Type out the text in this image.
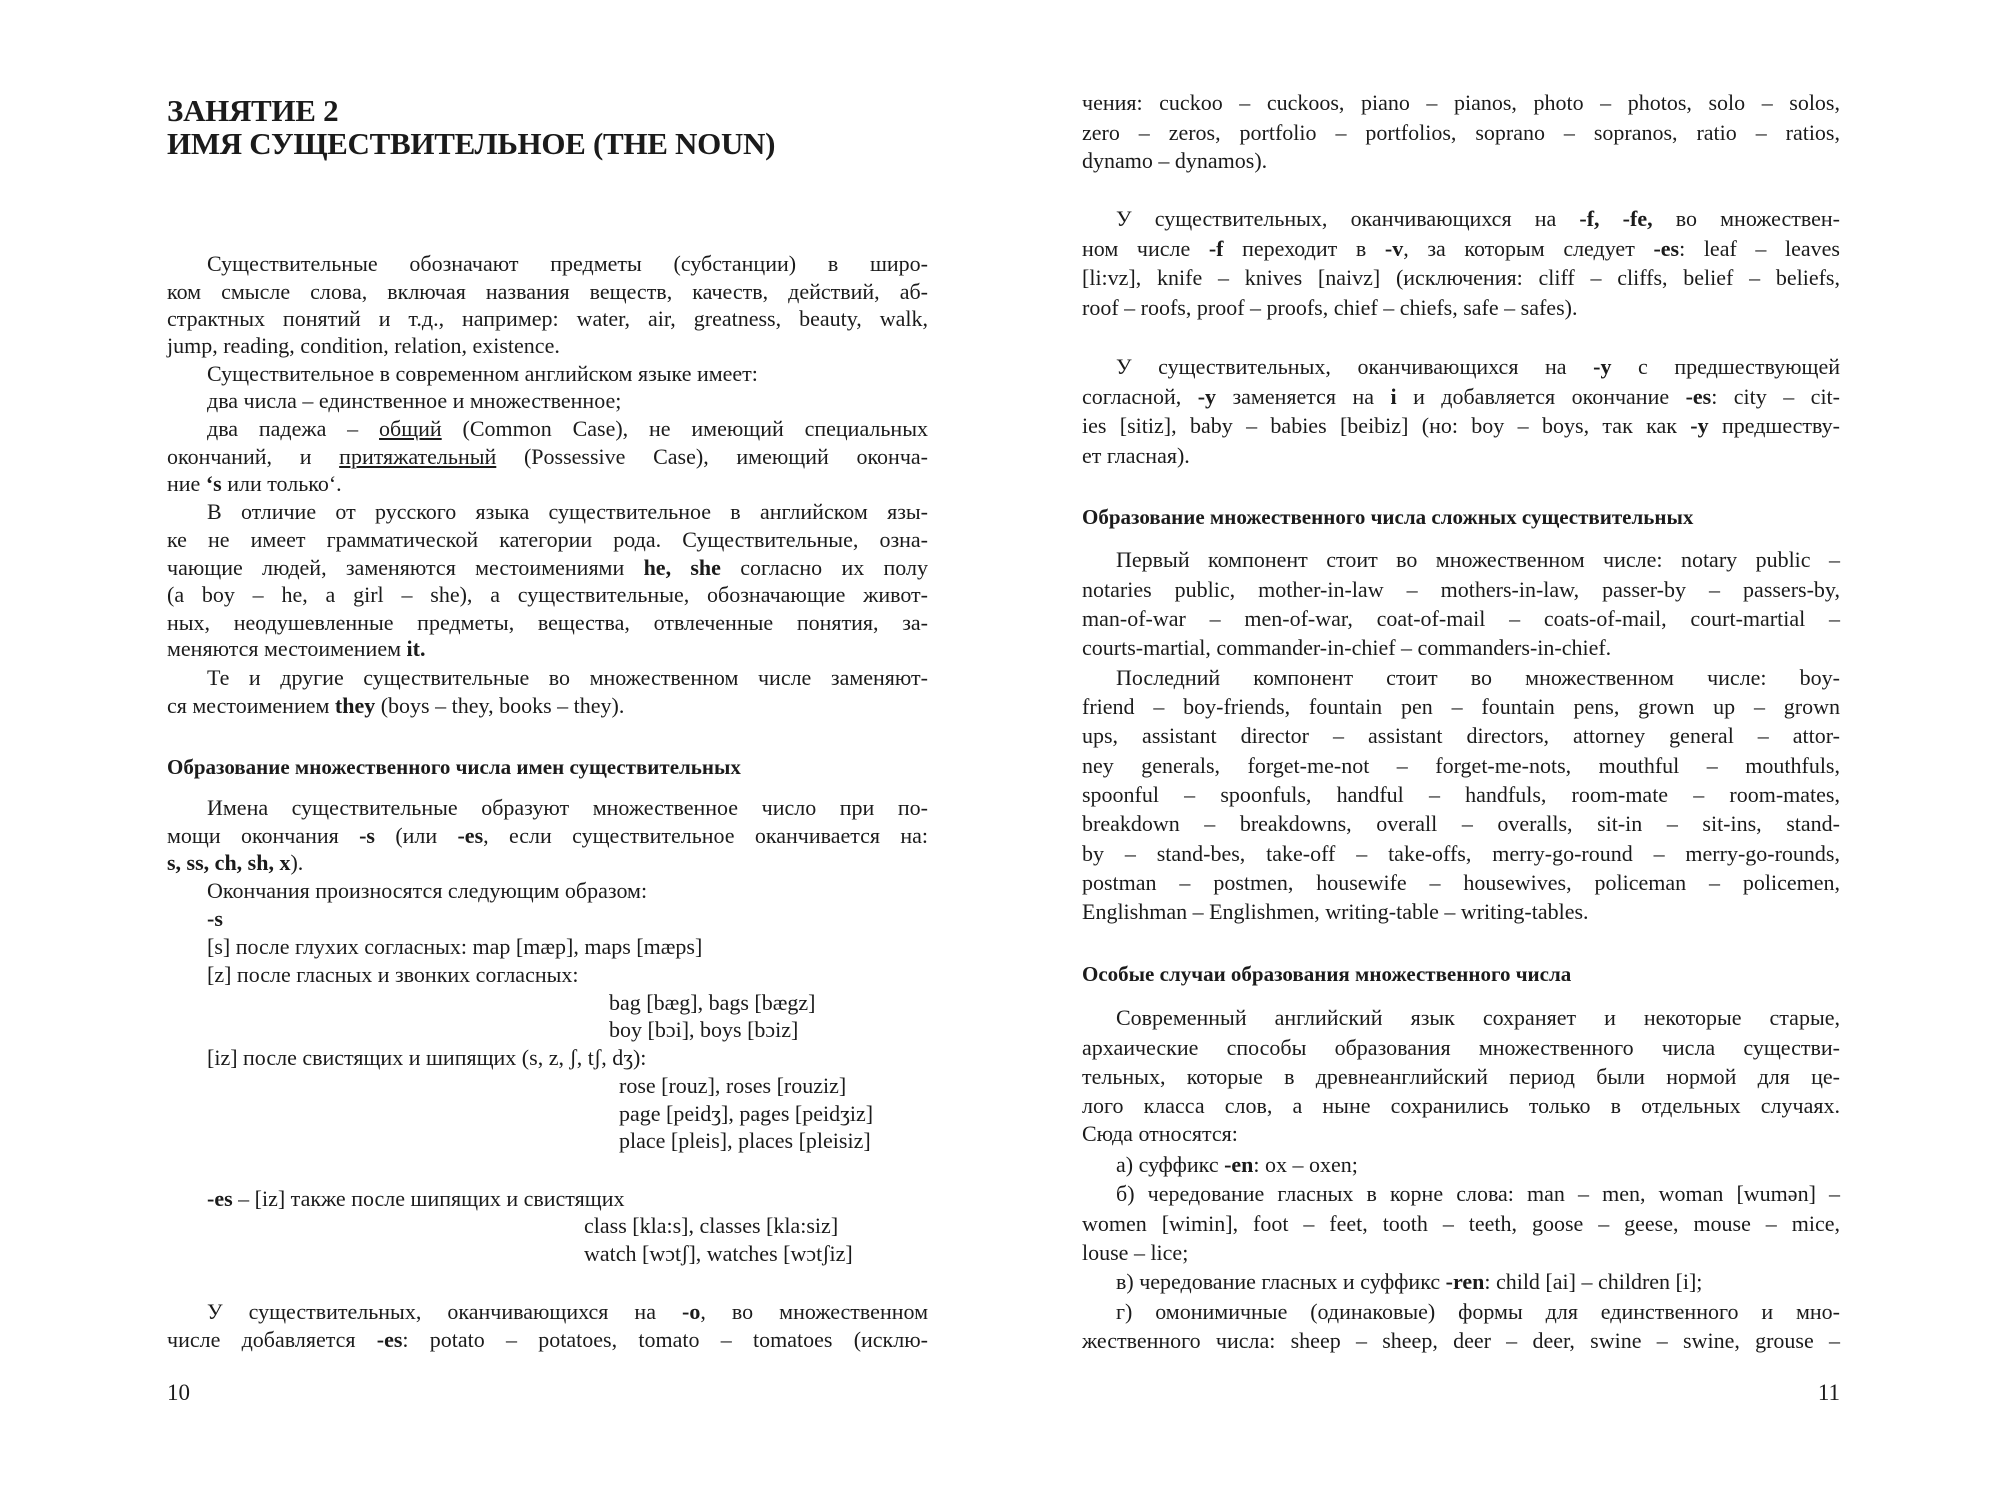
10
ЗАНЯТИЕ 2
ИМЯ СУЩЕСТВИТЕЛЬНОЕ (THE NOUN)
Существительные обозначают предметы (субстанции) в широ-
ком смысле слова, включая названия веществ, качеств, действий, аб-
страктных понятий и т.д., например: water, air, greatness, beauty, walk,
jump, reading, condition, relation, existence.
Существительное в современном английском языке имеет:
два числа – единственное и множественное;
два падежа – общий (Common Case), не имеющий специальных
окончаний, и притяжательный (Possessive Case), имеющий оконча-
ние ‘s или только‘.
В отличие от русского языка существительное в английском язы-
ке не имеет грамматической категории рода. Существительные, озна-
чающие людей, заменяются местоимениями he, she согласно их полу
(a boy – he, a girl – she), а существительные, обозначающие живот-
ных, неодушевленные предметы, вещества, отвлеченные понятия, за-
меняются местоимением it.
Те и другие существительные во множественном числе заменяют-
ся местоимением they (boys – they, books – they).
Образование множественного числа имен существительных
Имена существительные образуют множественное число при по-
мощи окончания -s (или -es, если существительное оканчивается на:
s, ss, ch, sh, x).
Окончания произносятся следующим образом:
-s
[s] после глухих согласных: map [mæp], maps [mæps]
[z] после гласных и звонких согласных:
bag [bæg], bags [bægz]
boy [bɔi], boys [bɔiz]
[iz] после свистящих и шипящих (s, z, ʃ, tʃ, dʒ):
rose [rouz], roses [rouziz]
page [peidʒ], pages [peidʒiz]
place [pleis], places [pleisiz]
-es – [iz] также после шипящих и свистящих
class [kla:s], classes [kla:siz]
watch [wɔtʃ], watches [wɔtʃiz]
У существительных, оканчивающихся на -o, во множественном
числе добавляется -es: potato – potatoes, tomato – tomatoes (исклю-
11
чения: cuckoo – cuckoos, piano – pianos, photo – photos, solo – solos,
zero – zeros, portfolio – portfolios, soprano – sopranos, ratio – ratios,
dynamo – dynamos).
У существительных, оканчивающихся на -f, -fe, во множествен-
ном числе -f переходит в -v, за которым следует -es: leaf – leaves
[li:vz], knife – knives [naivz] (исключения: cliff – cliffs, belief – beliefs,
roof – roofs, proof – proofs, chief – chiefs, safe – safes).
У существительных, оканчивающихся на -y с предшествующей
согласной, -y заменяется на i и добавляется окончание -es: city – cit-
ies [sitiz], baby – babies [beibiz] (но: boy – boys, так как -y предшеству-
ет гласная).
Образование множественного числа сложных существительных
Первый компонент стоит во множественном числе: notary public –
notaries public, mother-in-law – mothers-in-law, passer-by – passers-by,
man-of-war – men-of-war, coat-of-mail – coats-of-mail, court-martial –
courts-martial, commander-in-chief – commanders-in-chief.
Последний компонент стоит во множественном числе: boy-
friend – boy-friends, fountain pen – fountain pens, grown up – grown
ups, assistant director – assistant directors, attorney general – attor-
ney generals, forget-me-not – forget-me-nots, mouthful – mouthfuls,
spoonful – spoonfuls, handful – handfuls, room-mate – room-mates,
breakdown – breakdowns, overall – overalls, sit-in – sit-ins, stand-
by – stand-bes, take-off – take-offs, merry-go-round – merry-go-rounds,
postman – postmen, housewife – housewives, policeman – policemen,
Englishman – Englishmen, writing-table – writing-tables.
Особые случаи образования множественного числа
Современный английский язык сохраняет и некоторые старые,
архаические способы образования множественного числа существи-
тельных, которые в древнеанглийский период были нормой для це-
лого класса слов, а ныне сохранились только в отдельных случаях.
Сюда относятся:
а) суффикс -en: ox – oxen;
б) чередование гласных в корне слова: man – men, woman [wumən] –
women [wimin], foot – feet, tooth – teeth, goose – geese, mouse – mice,
louse – lice;
в) чередование гласных и суффикс -ren: child [ai] – children [i];
г) омонимичные (одинаковые) формы для единственного и мно-
жественного числа: sheep – sheep, deer – deer, swine – swine, grouse –
